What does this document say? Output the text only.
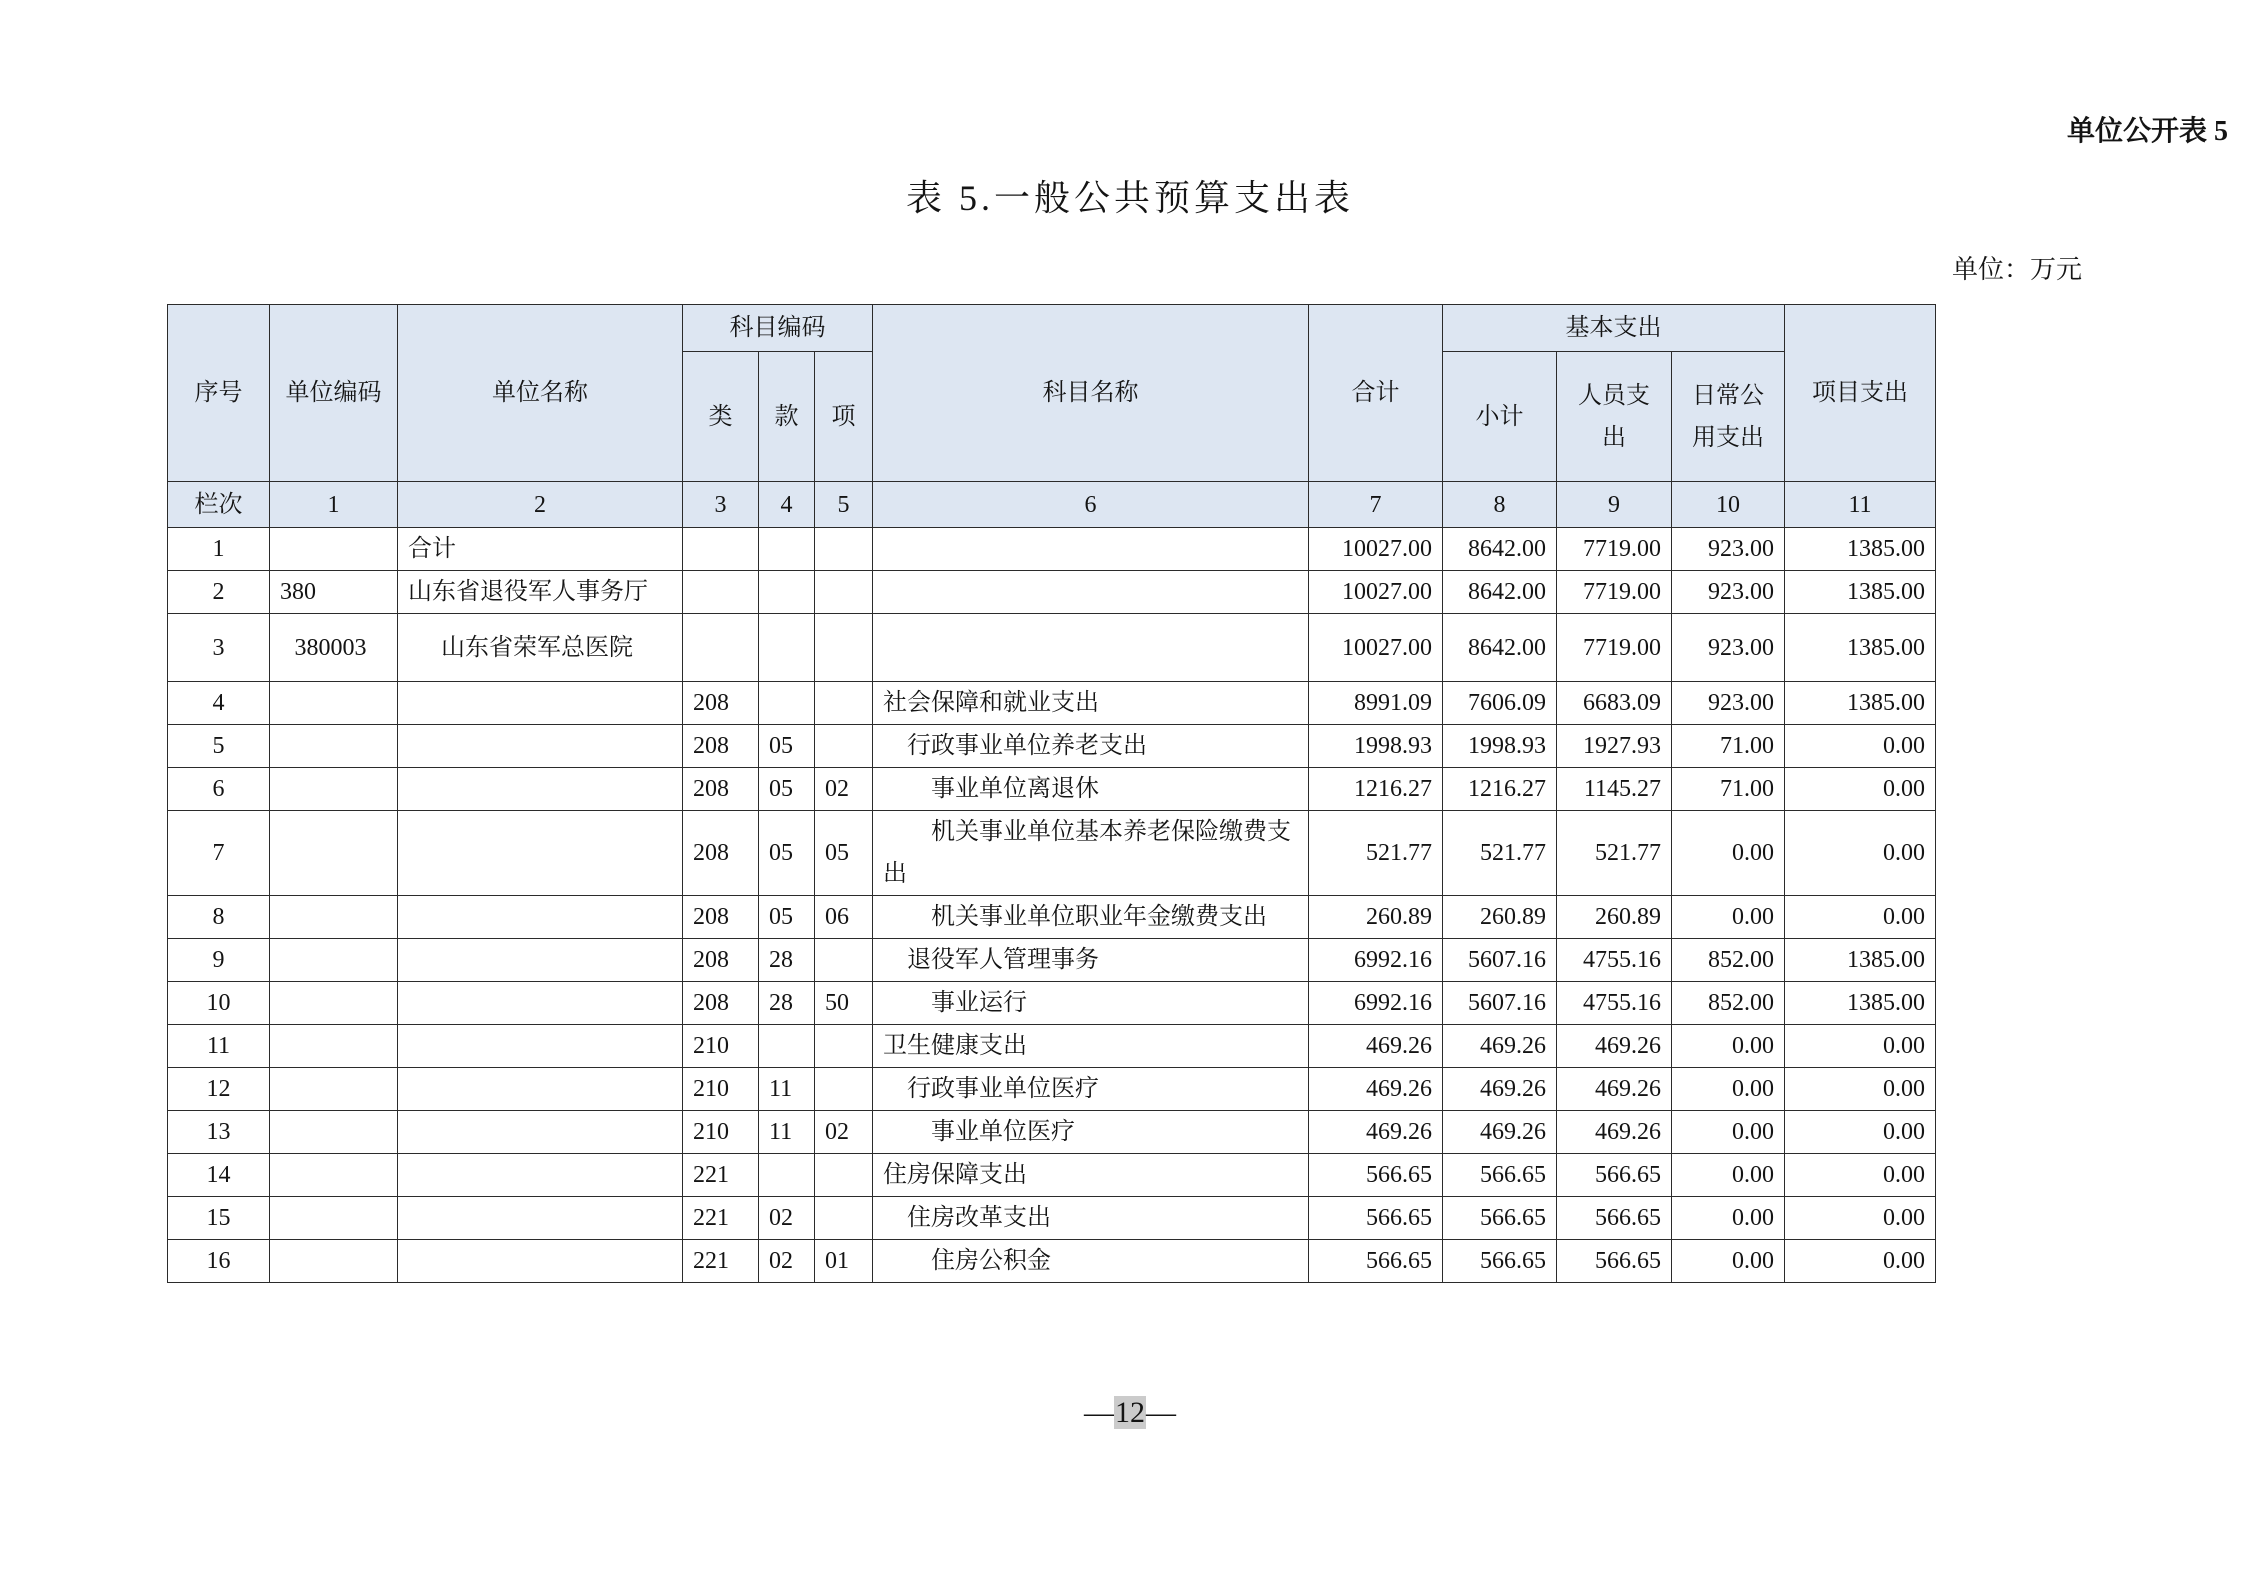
单位公开表 5
表 5.一般公共预算支出表
单位：万元
序号	单位编码	单位名称	科目编码			科目名称	合计	基本支出			项目支出
			类	款	项			小计	人员支出	日常公用支出	
栏次	1	2	3	4	5	6	7	8	9	10	11
1		合计					10027.00	8642.00	7719.00	923.00	1385.00
2	380	山东省退役军人事务厅					10027.00	8642.00	7719.00	923.00	1385.00
3	380003	山东省荣军总医院					10027.00	8642.00	7719.00	923.00	1385.00
4			208			社会保障和就业支出	8991.09	7606.09	6683.09	923.00	1385.00
5			208	05		行政事业单位养老支出	1998.93	1998.93	1927.93	71.00	0.00
6			208	05	02	事业单位离退休	1216.27	1216.27	1145.27	71.00	0.00
7			208	05	05	机关事业单位基本养老保险缴费支出	521.77	521.77	521.77	0.00	0.00
8			208	05	06	机关事业单位职业年金缴费支出	260.89	260.89	260.89	0.00	0.00
9			208	28		退役军人管理事务	6992.16	5607.16	4755.16	852.00	1385.00
10			208	28	50	事业运行	6992.16	5607.16	4755.16	852.00	1385.00
11			210			卫生健康支出	469.26	469.26	469.26	0.00	0.00
12			210	11		行政事业单位医疗	469.26	469.26	469.26	0.00	0.00
13			210	11	02	事业单位医疗	469.26	469.26	469.26	0.00	0.00
14			221			住房保障支出	566.65	566.65	566.65	0.00	0.00
15			221	02		住房改革支出	566.65	566.65	566.65	0.00	0.00
16			221	02	01	住房公积金	566.65	566.65	566.65	0.00	0.00
—12—
